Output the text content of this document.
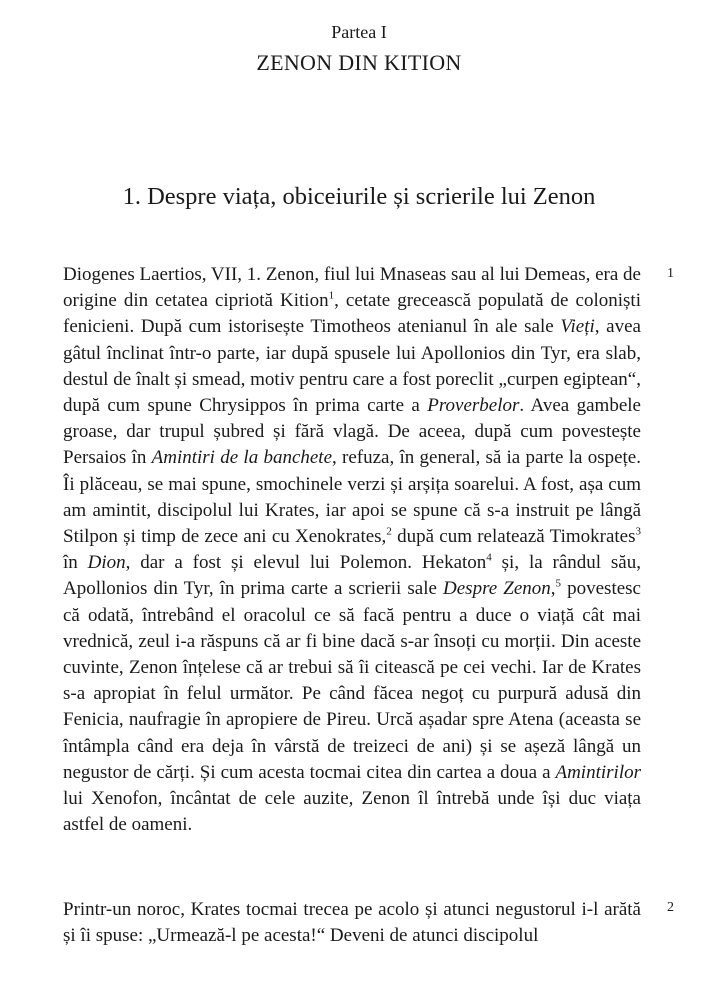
Partea I
ZENON DIN KITION
1. Despre viața, obiceiurile și scrierile lui Zenon

Diogenes Laertios, VII, 1. Zenon, fiul lui Mnaseas sau al lui Demeas, era de origine din cetatea cipriotă Kition$^1$, cetate grecească populată de coloniști fenicieni. După cum istorisește Timotheos atenianul în ale sale Vieți, avea gâtul înclinat într-o parte, iar după spusele lui Apollonios din Tyr, era slab, destul de înalt și smead, motiv pentru care a fost poreclit „curpen egiptean“, după cum spune Chrysippos în prima carte a Proverbelor. Avea gambele groase, dar trupul șubred și fără vlagă. De aceea, după cum povestește Persaios în Amintiri de la banchete, refuza, în general, să ia parte la ospețe. Îi plăceau, se mai spune, smochinele verzi și arșița soarelui. A fost, așa cum am amintit, discipolul lui Krates, iar apoi se spune că s-a instruit pe lângă Stilpon și timp de zece ani cu Xenokrates,$^2$ după cum relatează Timokrates$^3$ în Dion, dar a fost și elevul lui Polemon. Hekaton$^4$ și, la rândul său, Apollonios din Tyr, în prima carte a scrierii sale Despre Zenon,$^5$ povestesc că odată, întrebând el oracolul ce să facă pentru a duce o viață cât mai vrednică, zeul i-a răspuns că ar fi bine dacă s-ar însoți cu morții. Din aceste cuvinte, Zenon înțelese că ar trebui să îi citească pe cei vechi. Iar de Krates s-a apropiat în felul următor. Pe când făcea negoț cu purpură adusă din Fenicia, naufragie în apropiere de Pireu. Urcă așadar spre Atena (aceasta se întâmpla când era deja în vârstă de treizeci de ani) și se așeză lângă un negustor de cărți. Și cum acesta tocmai citea din cartea a doua a Amintirilor lui Xenofon, încântat de cele auzite, Zenon îl întrebă unde își duc viața astfel de oameni.

1

Printr-un noroc, Krates tocmai trecea pe acolo și atunci negustorul i-l arătă și îi spuse: „Urmează-l pe acesta!“ Deveni de atunci discipolul

2
